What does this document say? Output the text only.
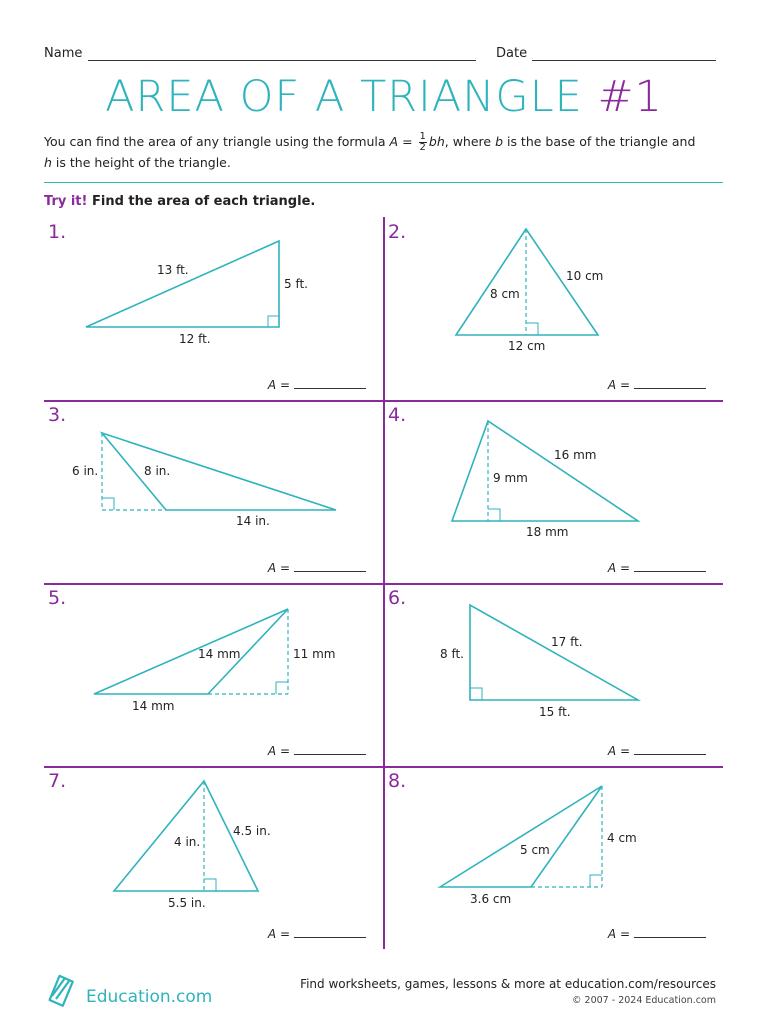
Name	Date
AREA OF A TRIANGLE #1
You can find the area of any triangle using the formula $A = \frac{1}{2}$ bh, where b is the base of the triangle and h is the height of the triangle.
Try it! Find the area of each triangle.
1.
13 ft.
5 ft.
12 ft.
A =
2.
8 cm
10 cm
12 cm
A =
3.
6 in.	8 in.
14 in.
A =
4.
9 mm
16 mm
18 mm
A =
5.
14 mm	11 mm
14 mm
A =
6.
8 ft.
17 ft.
15 ft.
A =
7.
4 in.
4.5 in.
5.5 in.
A =
8.
5 cm
4 cm
3.6 cm
A =
Education.com
Find worksheets, games, lessons & more at education.com/resources
© 2007 - 2024 Education.com
